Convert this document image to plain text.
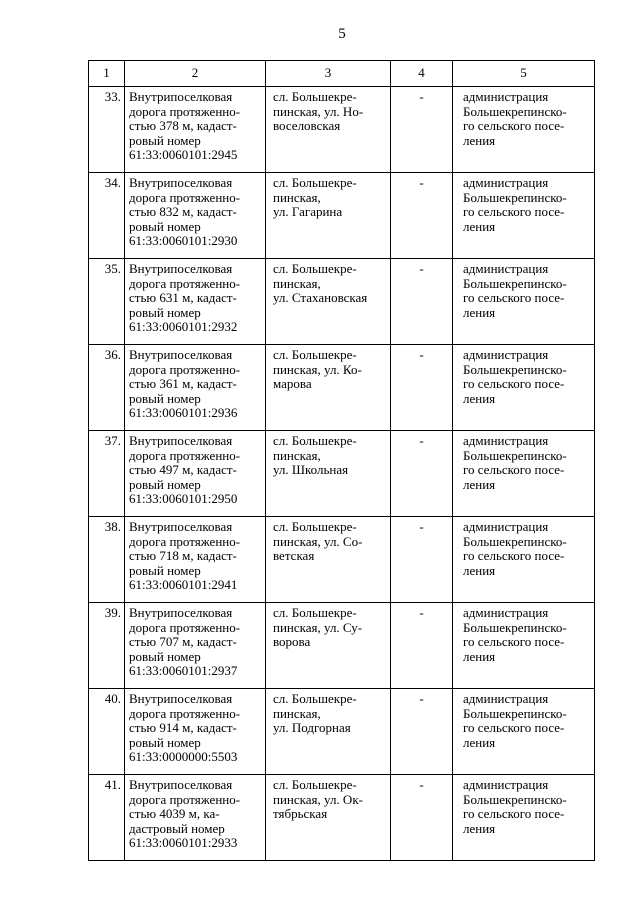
5
1	2	3	4	5
33.	Внутрипоселковая
дорога протяженно-
стью 378 м, кадаст-
ровый номер
61:33:0060101:2945	сл. Большекре-
пинская, ул. Но-
воселовская	-	администрация
Большекрепинско-
го сельского посе-
ления

34.	Внутрипоселковая
дорога протяженно-
стью 832 м, кадаст-
ровый номер
61:33:0060101:2930	сл. Большекре-
пинская,
ул. Гагарина	-	администрация
Большекрепинско-
го сельского посе-
ления

35.	Внутрипоселковая
дорога протяженно-
стью 631 м, кадаст-
ровый номер
61:33:0060101:2932	сл. Большекре-
пинская,
ул. Стахановская	-	администрация
Большекрепинско-
го сельского посе-
ления

36.	Внутрипоселковая
дорога протяженно-
стью 361 м, кадаст-
ровый номер
61:33:0060101:2936	сл. Большекре-
пинская, ул. Ко-
марова	-	администрация
Большекрепинско-
го сельского посе-
ления

37.	Внутрипоселковая
дорога протяженно-
стью 497 м, кадаст-
ровый номер
61:33:0060101:2950	сл. Большекре-
пинская,
ул. Школьная	-	администрация
Большекрепинско-
го сельского посе-
ления

38.	Внутрипоселковая
дорога протяженно-
стью 718 м, кадаст-
ровый номер
61:33:0060101:2941	сл. Большекре-
пинская, ул. Со-
ветская	-	администрация
Большекрепинско-
го сельского посе-
ления

39.	Внутрипоселковая
дорога протяженно-
стью 707 м, кадаст-
ровый номер
61:33:0060101:2937	сл. Большекре-
пинская, ул. Су-
ворова	-	администрация
Большекрепинско-
го сельского посе-
ления

40.	Внутрипоселковая
дорога протяженно-
стью 914 м, кадаст-
ровый номер
61:33:0000000:5503	сл. Большекре-
пинская,
ул. Подгорная	-	администрация
Большекрепинско-
го сельского посе-
ления

41.	Внутрипоселковая
дорога протяженно-
стью 4039 м, ка-
дастровый номер
61:33:0060101:2933	сл. Большекре-
пинская, ул. Ок-
тябрьская	-	администрация
Большекрепинско-
го сельского посе-
ления
